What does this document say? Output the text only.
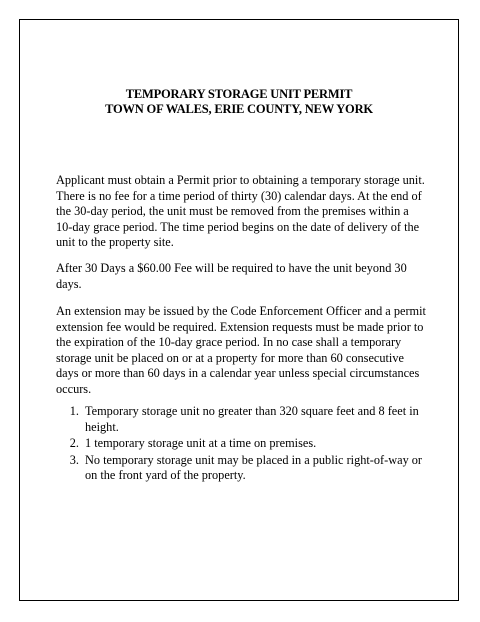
TEMPORARY STORAGE UNIT PERMIT
TOWN OF WALES, ERIE COUNTY, NEW YORK

Applicant must obtain a Permit prior to obtaining a temporary storage unit. There is no fee for a time period of thirty (30) calendar days. At the end of the 30-day period, the unit must be removed from the premises within a 10-day grace period. The time period begins on the date of delivery of the unit to the property site.

After 30 Days a $60.00 Fee will be required to have the unit beyond 30 days.

An extension may be issued by the Code Enforcement Officer and a permit extension fee would be required. Extension requests must be made prior to the expiration of the 10-day grace period. In no case shall a temporary storage unit be placed on or at a property for more than 60 consecutive days or more than 60 days in a calendar year unless special circumstances occurs.

1. Temporary storage unit no greater than 320 square feet and 8 feet in height.
2. 1 temporary storage unit at a time on premises.
3. No temporary storage unit may be placed in a public right-of-way or on the front yard of the property.
